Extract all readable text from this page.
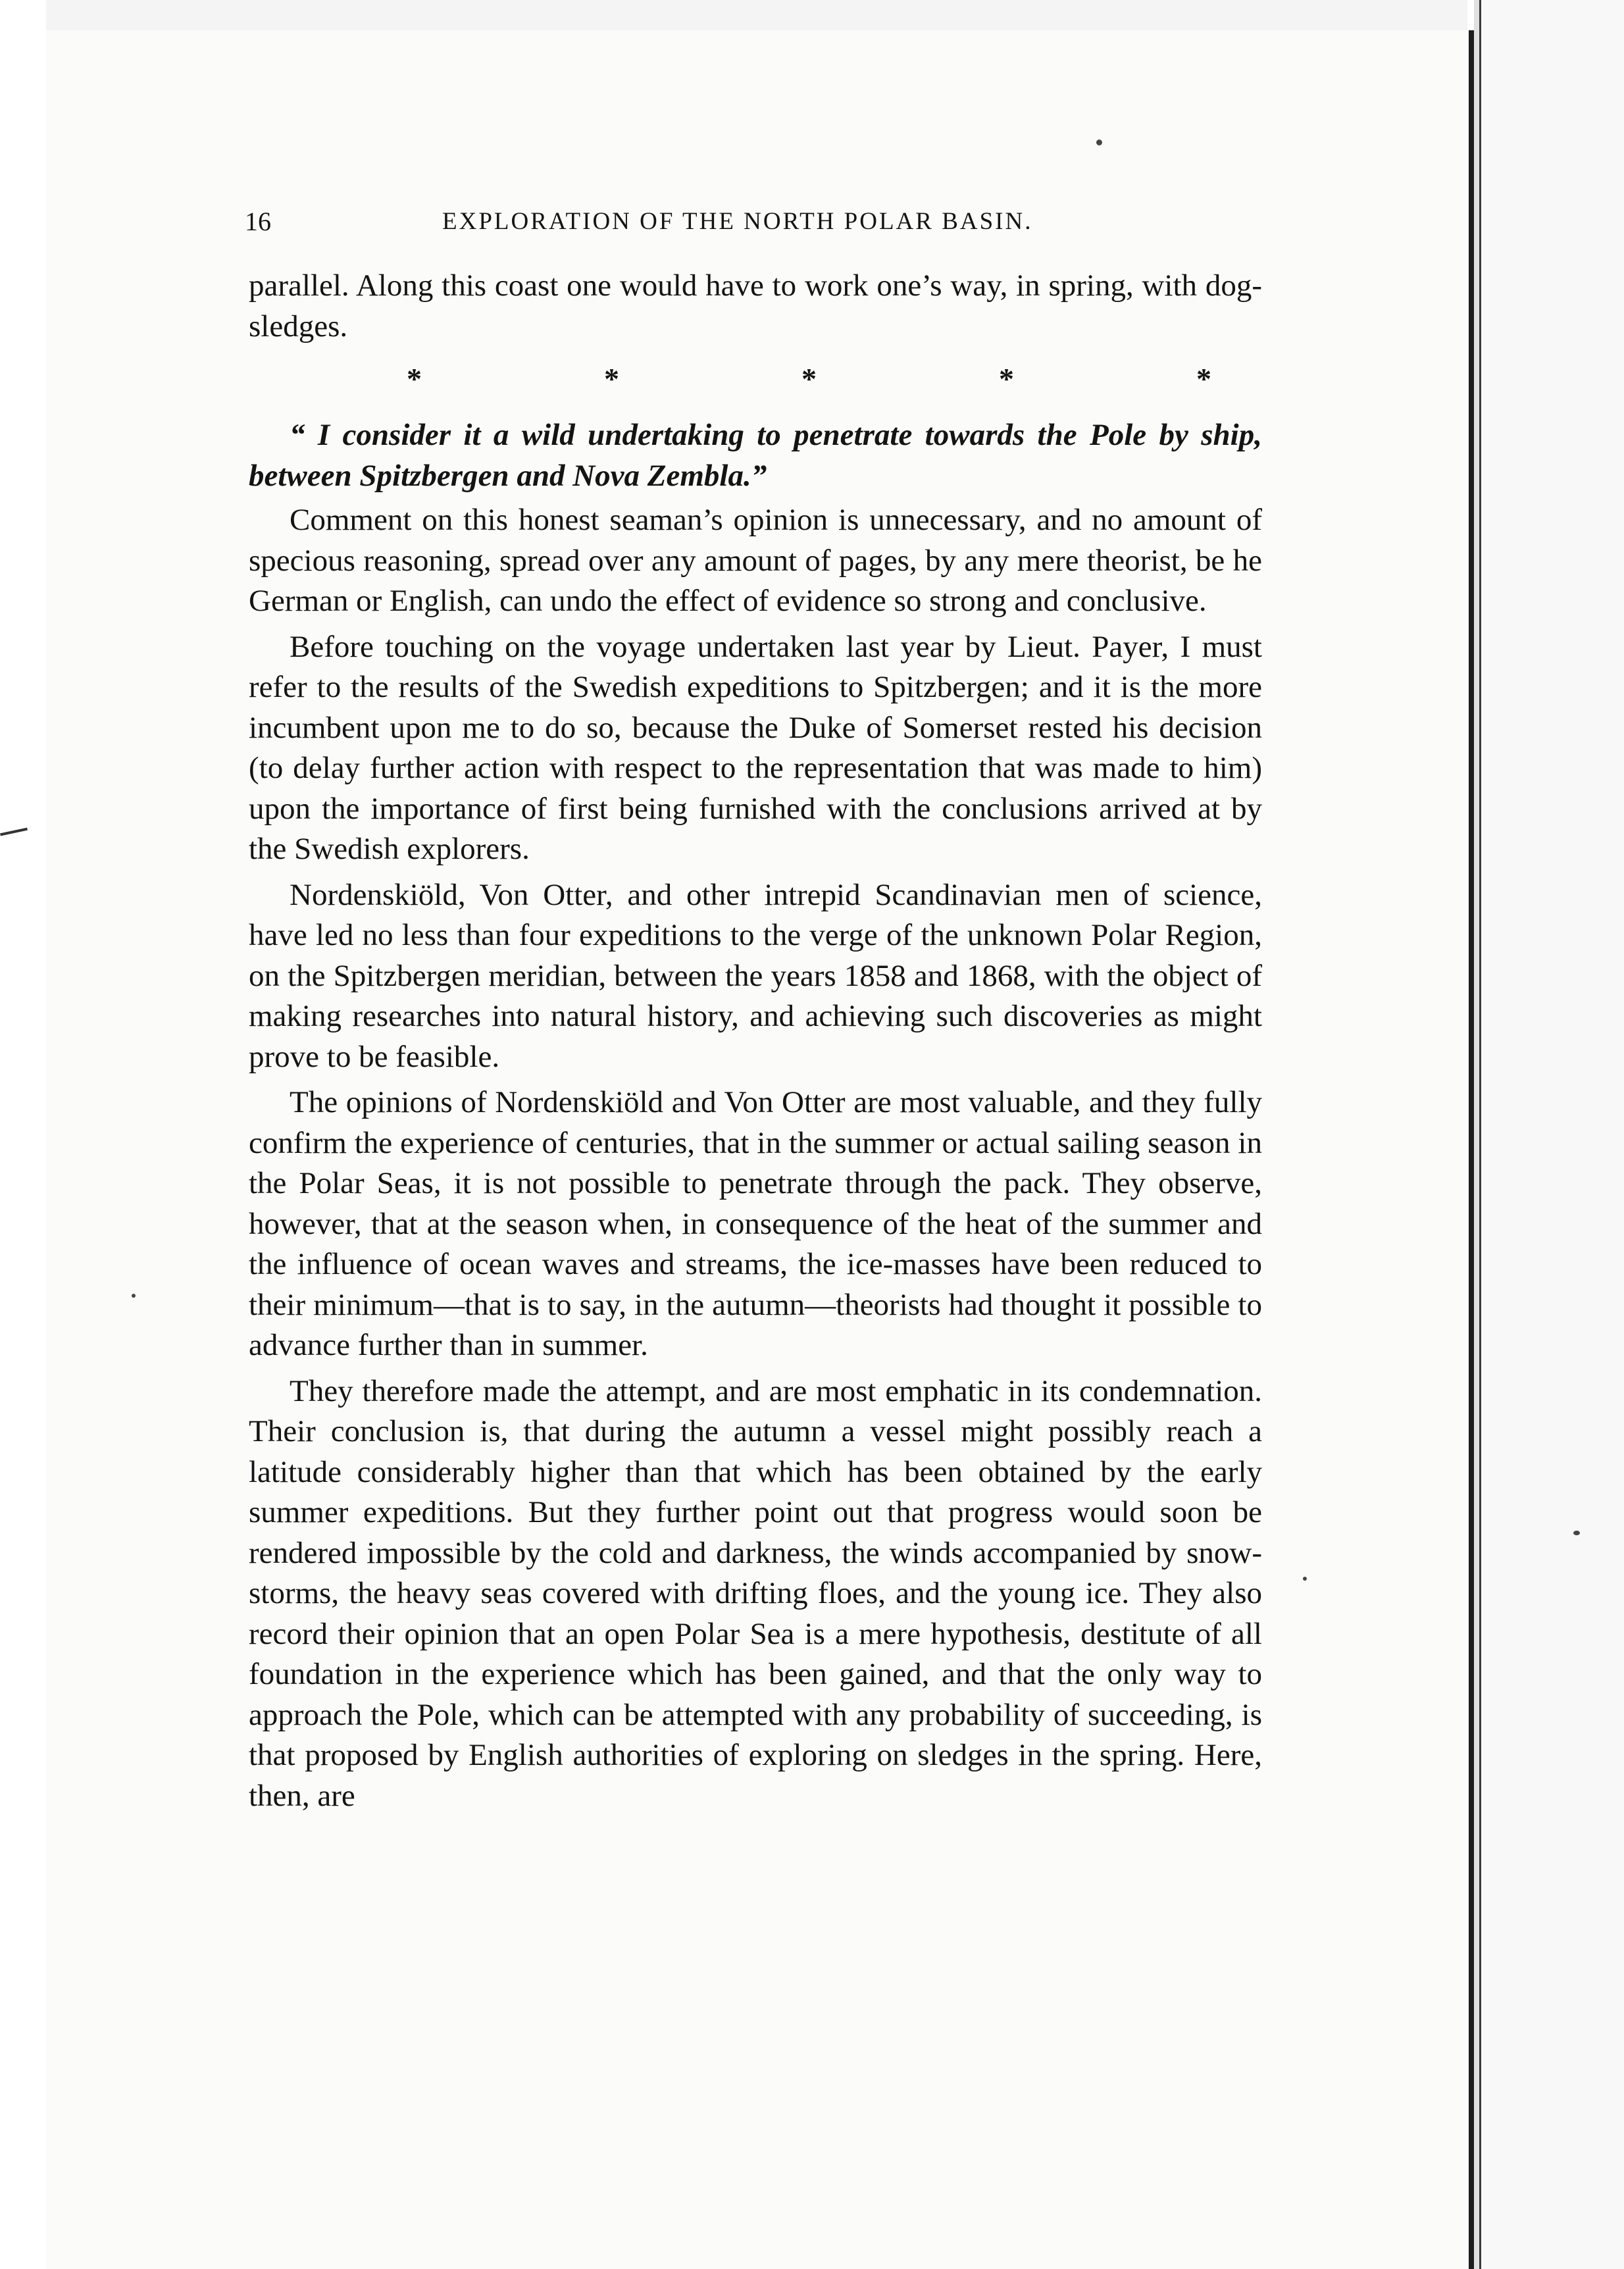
16	EXPLORATION OF THE NORTH POLAR BASIN.

parallel. Along this coast one would have to work one’s way, in spring, with dog-sledges.

*	*	*	*	*

“ I consider it a wild undertaking to penetrate towards the Pole by ship, between Spitzbergen and Nova Zembla.”

Comment on this honest seaman’s opinion is unnecessary, and no amount of specious reasoning, spread over any amount of pages, by any mere theorist, be he German or English, can undo the effect of evidence so strong and conclusive.

Before touching on the voyage undertaken last year by Lieut. Payer, I must refer to the results of the Swedish expeditions to Spitzbergen; and it is the more incumbent upon me to do so, because the Duke of Somerset rested his decision (to delay further action with respect to the representation that was made to him) upon the importance of first being furnished with the conclusions arrived at by the Swedish explorers.

Nordenskiöld, Von Otter, and other intrepid Scandinavian men of science, have led no less than four expeditions to the verge of the unknown Polar Region, on the Spitzbergen meridian, between the years 1858 and 1868, with the object of making researches into natural history, and achieving such discoveries as might prove to be feasible.

The opinions of Nordenskiöld and Von Otter are most valuable, and they fully confirm the experience of centuries, that in the summer or actual sailing season in the Polar Seas, it is not possible to penetrate through the pack. They observe, however, that at the season when, in consequence of the heat of the summer and the influence of ocean waves and streams, the ice-masses have been reduced to their minimum—that is to say, in the autumn—theorists had thought it possible to advance further than in summer.

They therefore made the attempt, and are most emphatic in its condemnation. Their conclusion is, that during the autumn a vessel might possibly reach a latitude considerably higher than that which has been obtained by the early summer expeditions. But they further point out that progress would soon be rendered impossible by the cold and darkness, the winds accompanied by snow-storms, the heavy seas covered with drifting floes, and the young ice. They also record their opinion that an open Polar Sea is a mere hypothesis, destitute of all foundation in the experience which has been gained, and that the only way to approach the Pole, which can be attempted with any probability of succeeding, is that proposed by English authorities of exploring on sledges in the spring. Here, then, are
